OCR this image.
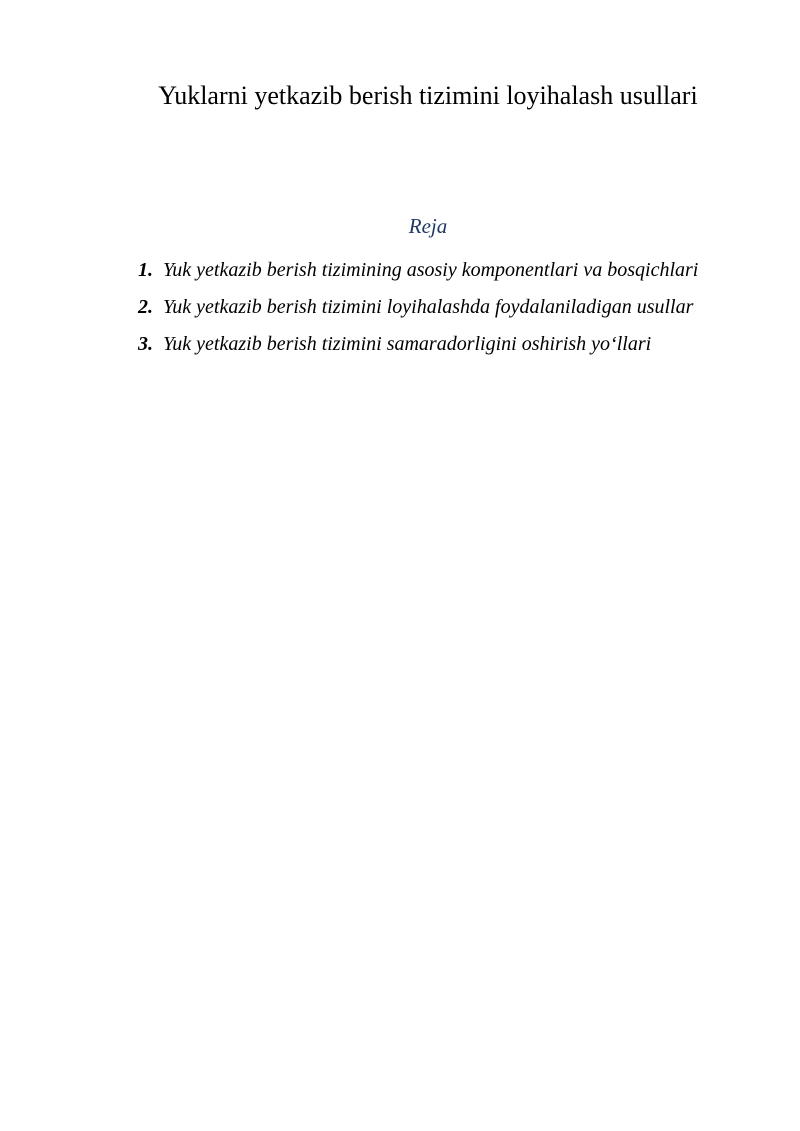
Yuklarni yetkazib berish tizimini loyihalash usullari
Reja
1. Yuk yetkazib berish tizimining asosiy komponentlari va bosqichlari
2. Yuk yetkazib berish tizimini loyihalashda foydalaniladigan usullar
3. Yuk yetkazib berish tizimini samaradorligini oshirish yo‘llari
